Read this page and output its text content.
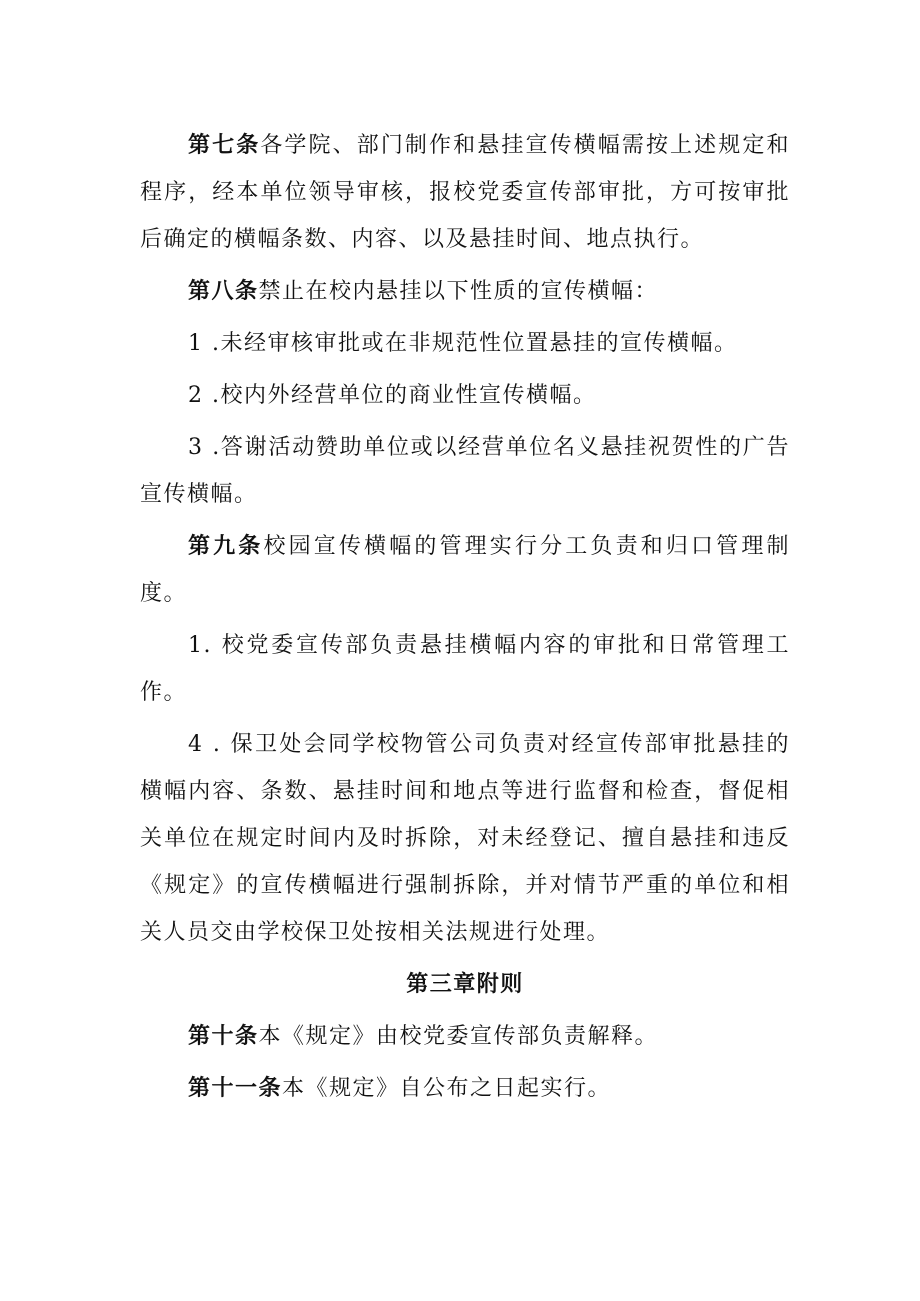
第七条各学院、部门制作和悬挂宣传横幅需按上述规定和程序，经本单位领导审核，报校党委宣传部审批，方可按审批后确定的横幅条数、内容、以及悬挂时间、地点执行。

第八条禁止在校内悬挂以下性质的宣传横幅：

1 .未经审核审批或在非规范性位置悬挂的宣传横幅。

2 .校内外经营单位的商业性宣传横幅。

3 .答谢活动赞助单位或以经营单位名义悬挂祝贺性的广告宣传横幅。

第九条校园宣传横幅的管理实行分工负责和归口管理制度。

1. 校党委宣传部负责悬挂横幅内容的审批和日常管理工作。

4 . 保卫处会同学校物管公司负责对经宣传部审批悬挂的横幅内容、条数、悬挂时间和地点等进行监督和检查，督促相关单位在规定时间内及时拆除，对未经登记、擅自悬挂和违反《规定》的宣传横幅进行强制拆除，并对情节严重的单位和相关人员交由学校保卫处按相关法规进行处理。

第三章附则

第十条本《规定》由校党委宣传部负责解释。

第十一条本《规定》自公布之日起实行。
